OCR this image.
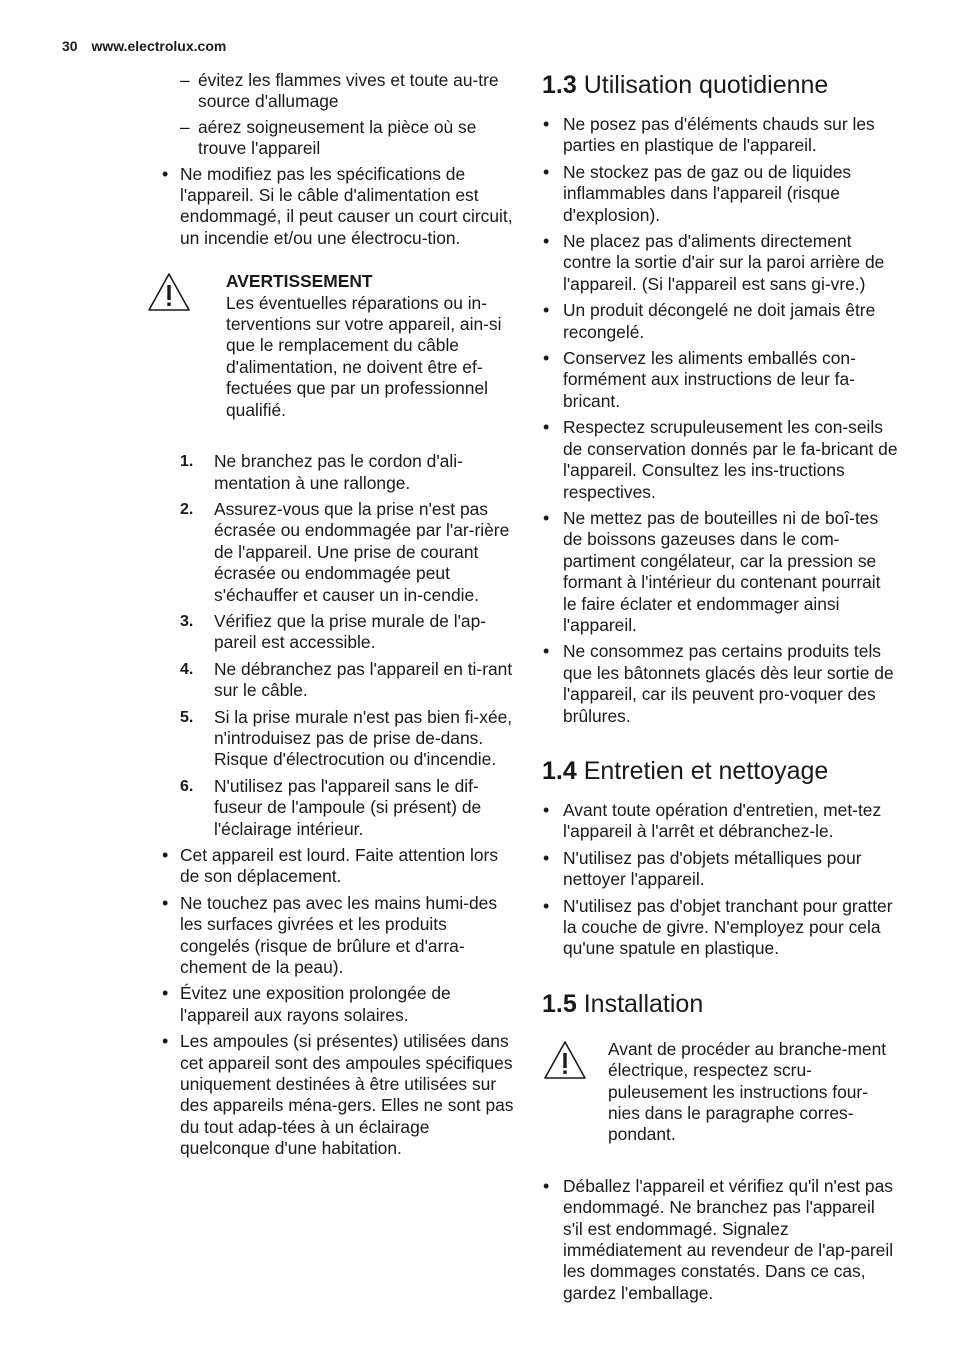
30 www.electrolux.com
– évitez les flammes vives et toute au-tre source d'allumage
– aérez soigneusement la pièce où se trouve l'appareil
• Ne modifiez pas les spécifications de l'appareil. Si le câble d'alimentation est endommagé, il peut causer un court circuit, un incendie et/ou une électrocu-tion.
AVERTISSEMENT
Les éventuelles réparations ou in-terventions sur votre appareil, ain-si que le remplacement du câble d'alimentation, ne doivent être ef-fectuées que par un professionnel qualifié.
1. Ne branchez pas le cordon d'ali-mentation à une rallonge.
2. Assurez-vous que la prise n'est pas écrasée ou endommagée par l'ar-rière de l'appareil. Une prise de courant écrasée ou endommagée peut s'échauffer et causer un in-cendie.
3. Vérifiez que la prise murale de l'ap-pareil est accessible.
4. Ne débranchez pas l'appareil en ti-rant sur le câble.
5. Si la prise murale n'est pas bien fi-xée, n'introduisez pas de prise de-dans. Risque d'électrocution ou d'incendie.
6. N'utilisez pas l'appareil sans le dif-fuseur de l'ampoule (si présent) de l'éclairage intérieur.
• Cet appareil est lourd. Faite attention lors de son déplacement.
• Ne touchez pas avec les mains humi-des les surfaces givrées et les produits congelés (risque de brûlure et d'arra-chement de la peau).
• Évitez une exposition prolongée de l'appareil aux rayons solaires.
• Les ampoules (si présentes) utilisées dans cet appareil sont des ampoules spécifiques uniquement destinées à être utilisées sur des appareils ména-gers. Elles ne sont pas du tout adap-tées à un éclairage quelconque d'une habitation.
1.3 Utilisation quotidienne
• Ne posez pas d'éléments chauds sur les parties en plastique de l'appareil.
• Ne stockez pas de gaz ou de liquides inflammables dans l'appareil (risque d'explosion).
• Ne placez pas d'aliments directement contre la sortie d'air sur la paroi arrière de l'appareil. (Si l'appareil est sans gi-vre.)
• Un produit décongelé ne doit jamais être recongelé.
• Conservez les aliments emballés con-formément aux instructions de leur fa-bricant.
• Respectez scrupuleusement les con-seils de conservation donnés par le fa-bricant de l'appareil. Consultez les ins-tructions respectives.
• Ne mettez pas de bouteilles ni de boî-tes de boissons gazeuses dans le com-partiment congélateur, car la pression se formant à l'intérieur du contenant pourrait le faire éclater et endommager ainsi l'appareil.
• Ne consommez pas certains produits tels que les bâtonnets glacés dès leur sortie de l'appareil, car ils peuvent pro-voquer des brûlures.
1.4 Entretien et nettoyage
• Avant toute opération d'entretien, met-tez l'appareil à l'arrêt et débranchez-le.
• N'utilisez pas d'objets métalliques pour nettoyer l'appareil.
• N'utilisez pas d'objet tranchant pour gratter la couche de givre. N'employez pour cela qu'une spatule en plastique.
1.5 Installation
Avant de procéder au branche-ment électrique, respectez scru-puleusement les instructions four-nies dans le paragraphe corres-pondant.
• Déballez l'appareil et vérifiez qu'il n'est pas endommagé. Ne branchez pas l'appareil s'il est endommagé. Signalez immédiatement au revendeur de l'ap-pareil les dommages constatés. Dans ce cas, gardez l'emballage.
